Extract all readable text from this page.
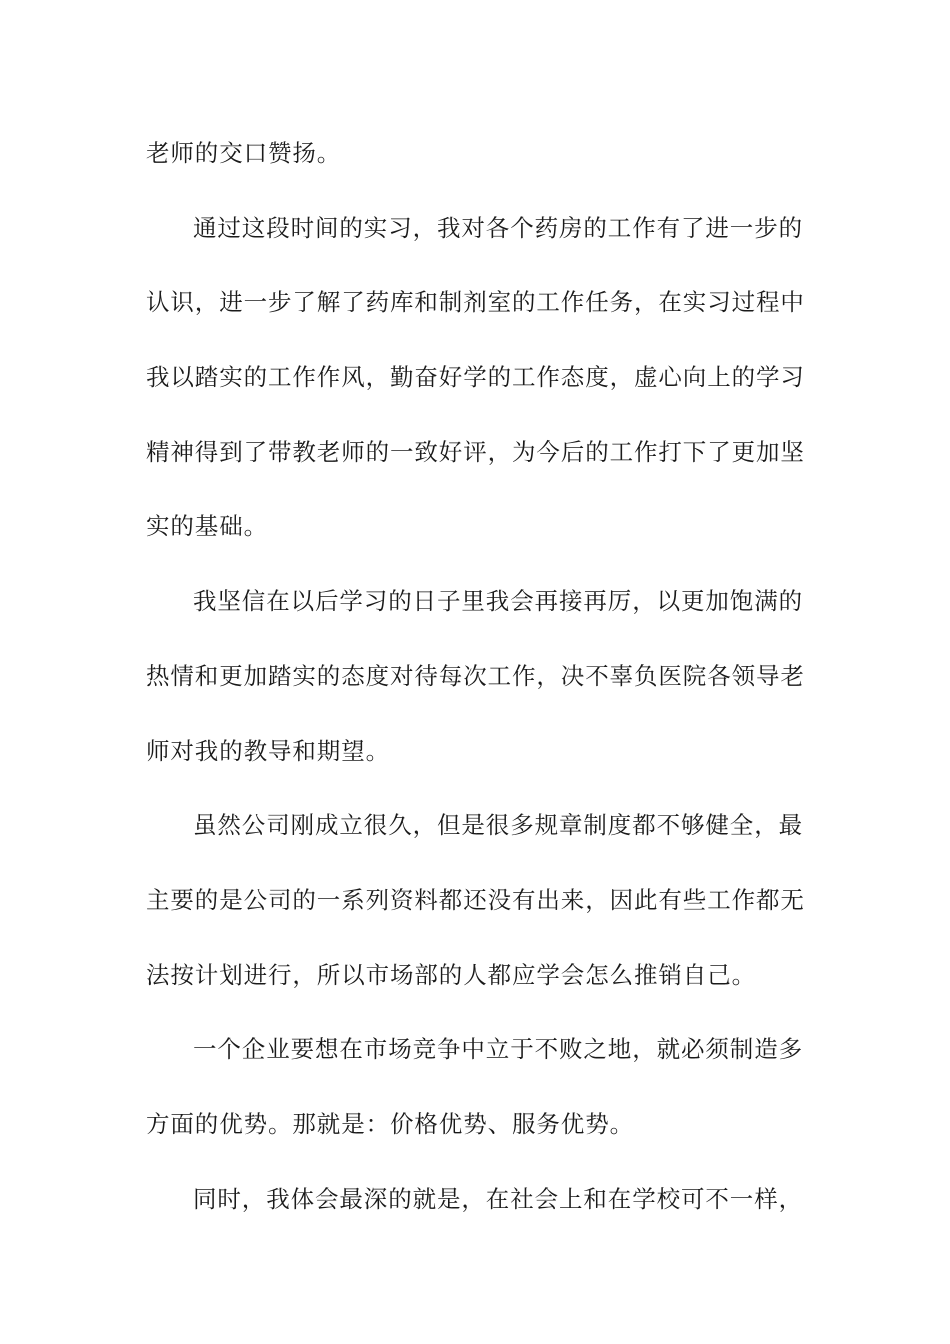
老师的交口赞扬。
通过这段时间的实习，我对各个药房的工作有了进一步的
认识，进一步了解了药库和制剂室的工作任务，在实习过程中
我以踏实的工作作风，勤奋好学的工作态度，虚心向上的学习
精神得到了带教老师的一致好评，为今后的工作打下了更加坚
实的基础。
我坚信在以后学习的日子里我会再接再厉，以更加饱满的
热情和更加踏实的态度对待每次工作，决不辜负医院各领导老
师对我的教导和期望。
虽然公司刚成立很久，但是很多规章制度都不够健全，最
主要的是公司的一系列资料都还没有出来，因此有些工作都无
法按计划进行，所以市场部的人都应学会怎么推销自己。
一个企业要想在市场竞争中立于不败之地，就必须制造多
方面的优势。那就是：价格优势、服务优势。
同时，我体会最深的就是，在社会上和在学校可不一样，
